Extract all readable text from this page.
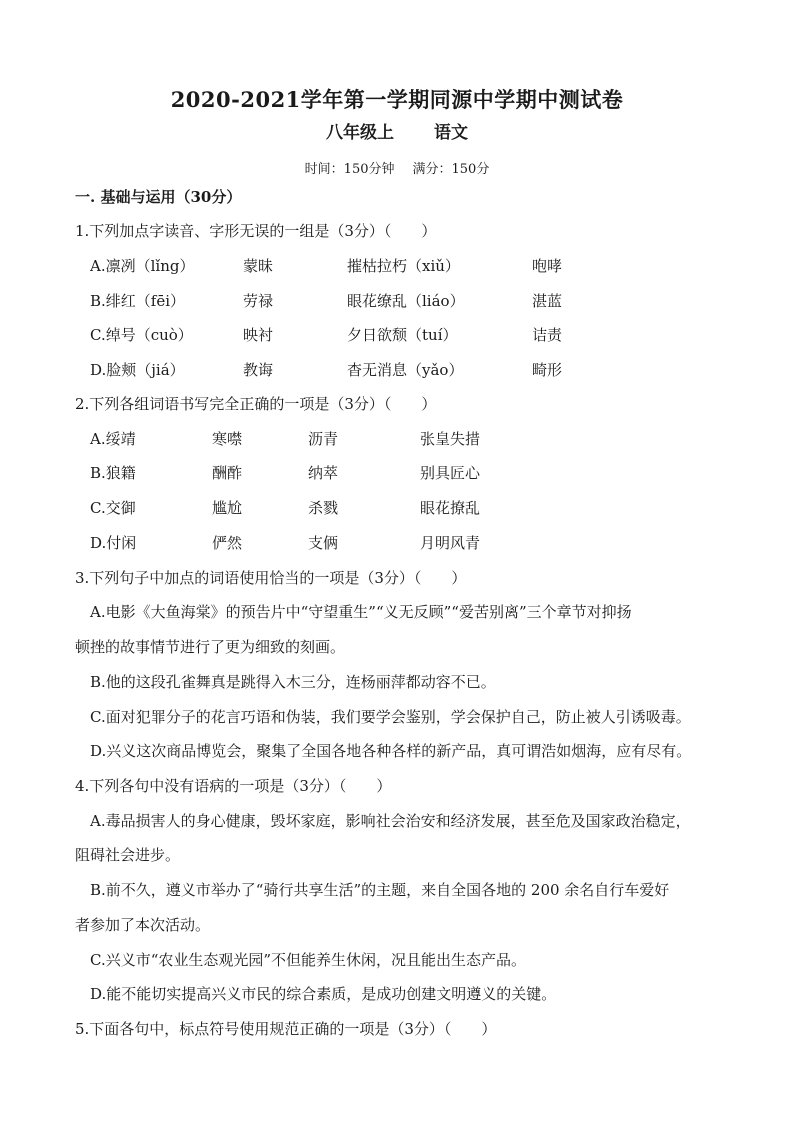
2020-2021学年第一学期同源中学期中测试卷
八年级上 语文
时间：150分钟 满分：150分
一. 基础与运用（30分）
1.下列加点字读音、字形无误的一组是（3分）（　　）
A.凛冽（lǐng）	蒙昧	摧枯拉朽（xiǔ）	咆哮
B.绯红（fēi）	劳禄	眼花缭乱（liáo）	湛蓝
C.绰号（cuò）	映衬	夕日欲颓（tuí）	诘责
D.脸颊（jiá）	教诲	杳无消息（yǎo）	畸形
2.下列各组词语书写完全正确的一项是（3分）（　　）
A.绥靖	寒噤	沥青	张皇失措
B.狼籍	酬酢	纳萃	别具匠心
C.交御	尴尬	杀戮	眼花撩乱
D.付闲	俨然	支俩	月明风青
3.下列句子中加点的词语使用恰当的一项是（3分）（　　）
A.电影《大鱼海棠》的预告片中“守望重生”“义无反顾”“爱苦别离”三个章节对抑扬
顿挫的故事情节进行了更为细致的刻画。
B.他的这段孔雀舞真是跳得入木三分，连杨丽萍都动容不已。
C.面对犯罪分子的花言巧语和伪装，我们要学会鉴别，学会保护自己，防止被人引诱吸毒。
D.兴义这次商品博览会，聚集了全国各地各种各样的新产品，真可谓浩如烟海，应有尽有。
4.下列各句中没有语病的一项是（3分）（　　）
A.毒品损害人的身心健康，毁坏家庭，影响社会治安和经济发展，甚至危及国家政治稳定，
阻碍社会进步。
B.前不久，遵义市举办了“骑行共享生活”的主题，来自全国各地的 200 余名自行车爱好
者参加了本次活动。
C.兴义市“农业生态观光园”不但能养生休闲，况且能出生态产品。
D.能不能切实提高兴义市民的综合素质，是成功创建文明遵义的关键。
5.下面各句中，标点符号使用规范正确的一项是（3分）（　　）
